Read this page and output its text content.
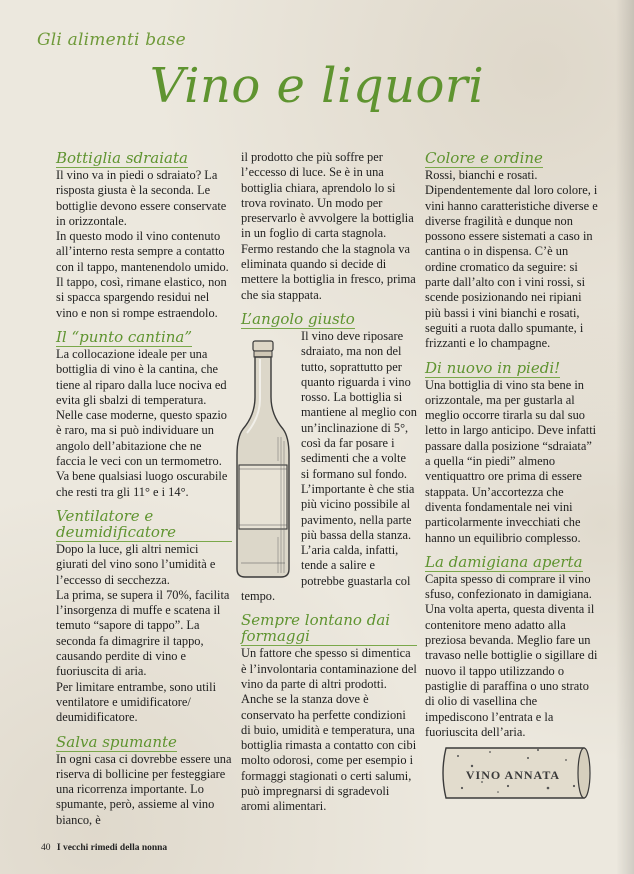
Gli alimenti base
Vino e liquori
Bottiglia sdraiata

Il vino va in piedi o sdraiato? La risposta giusta è la seconda. Le bottiglie devono essere conservate in orizzontale.

In questo modo il vino contenuto all’interno resta sempre a contatto con il tappo, mantenendolo umido.

Il tappo, così, rimane elastico, non si spacca spargendo residui nel vino e non si rompe estraendolo.

Il “punto cantina”

La collocazione ideale per una bottiglia di vino è la cantina, che tiene al riparo dalla luce nociva ed evita gli sbalzi di temperatura. Nelle case moderne, questo spazio è raro, ma si può individuare un angolo dell’abitazione che ne faccia le veci con un termometro. Va bene qualsiasi luogo oscurabile che resti tra gli 11° e i 14°.

Ventilatore e deumidificatore

Dopo la luce, gli altri nemici giurati del vino sono l’umidità e l’eccesso di secchezza.

La prima, se supera il 70%, facilita l’insorgenza di muffe e scatena il temuto “sapore di tappo”. La seconda fa dimagrire il tappo, causando perdite di vino e fuoriuscita di aria.

Per limitare entrambe, sono utili ventilatore e umidificatore/ deumidificatore.

Salva spumante

In ogni casa ci dovrebbe essere una riserva di bollicine per festeggiare una ricorrenza importante. Lo spumante, però, assieme al vino bianco, è

il prodotto che più soffre per l’eccesso di luce. Se è in una bottiglia chiara, aprendolo lo si trova rovinato. Un modo per preservarlo è avvolgere la bottiglia in un foglio di carta stagnola. Fermo restando che la stagnola va eliminata quando si decide di mettere la bottiglia in fresco, prima che sia stappata.

L’angolo giusto

Il vino deve riposare sdraiato, ma non del tutto, soprattutto per quanto riguarda i vino rosso. La bottiglia si mantiene al meglio con un’inclinazione di 5°, così da far posare i sedimenti che a volte si formano sul fondo. L’importante è che stia più vicino possibile al pavimento, nella parte più bassa della stanza. L’aria calda, infatti, tende a salire e potrebbe guastarla col tempo.

Sempre lontano dai formaggi

Un fattore che spesso si dimentica è l’involontaria contaminazione del vino da parte di altri prodotti. Anche se la stanza dove è conservato ha perfette condizioni di buio, umidità e temperatura, una bottiglia rimasta a contatto con cibi molto odorosi, come per esempio i formaggi stagionati o certi salumi, può impregnarsi di sgradevoli aromi alimentari.

Colore e ordine

Rossi, bianchi e rosati. Dipendentemente dal loro colore, i vini hanno caratteristiche diverse e diverse fragilità e dunque non possono essere sistemati a caso in cantina o in dispensa. C’è un ordine cromatico da seguire: si parte dall’alto con i vini rossi, si scende posizionando nei ripiani più bassi i vini bianchi e rosati, seguiti a ruota dallo spumante, i frizzanti e lo champagne.

Di nuovo in piedi!

Una bottiglia di vino sta bene in orizzontale, ma per gustarla al meglio occorre tirarla su dal suo letto in largo anticipo. Deve infatti passare dalla posizione “sdraiata” a quella “in piedi” almeno ventiquattro ore prima di essere stappata. Un’accortezza che diventa fondamentale nei vini particolarmente invecchiati che hanno un equilibrio complesso.

La damigiana aperta

Capita spesso di comprare il vino sfuso, confezionato in damigiana. Una volta aperta, questa diventa il contenitore meno adatto alla preziosa bevanda. Meglio fare un travaso nelle bottiglie o sigillare di nuovo il tappo utilizzando o pastiglie di paraffina o uno strato di olio di vasellina che impediscono l’entrata e la fuoriuscita dell’aria.

VINO ANNATA
40 I vecchi rimedi della nonna
